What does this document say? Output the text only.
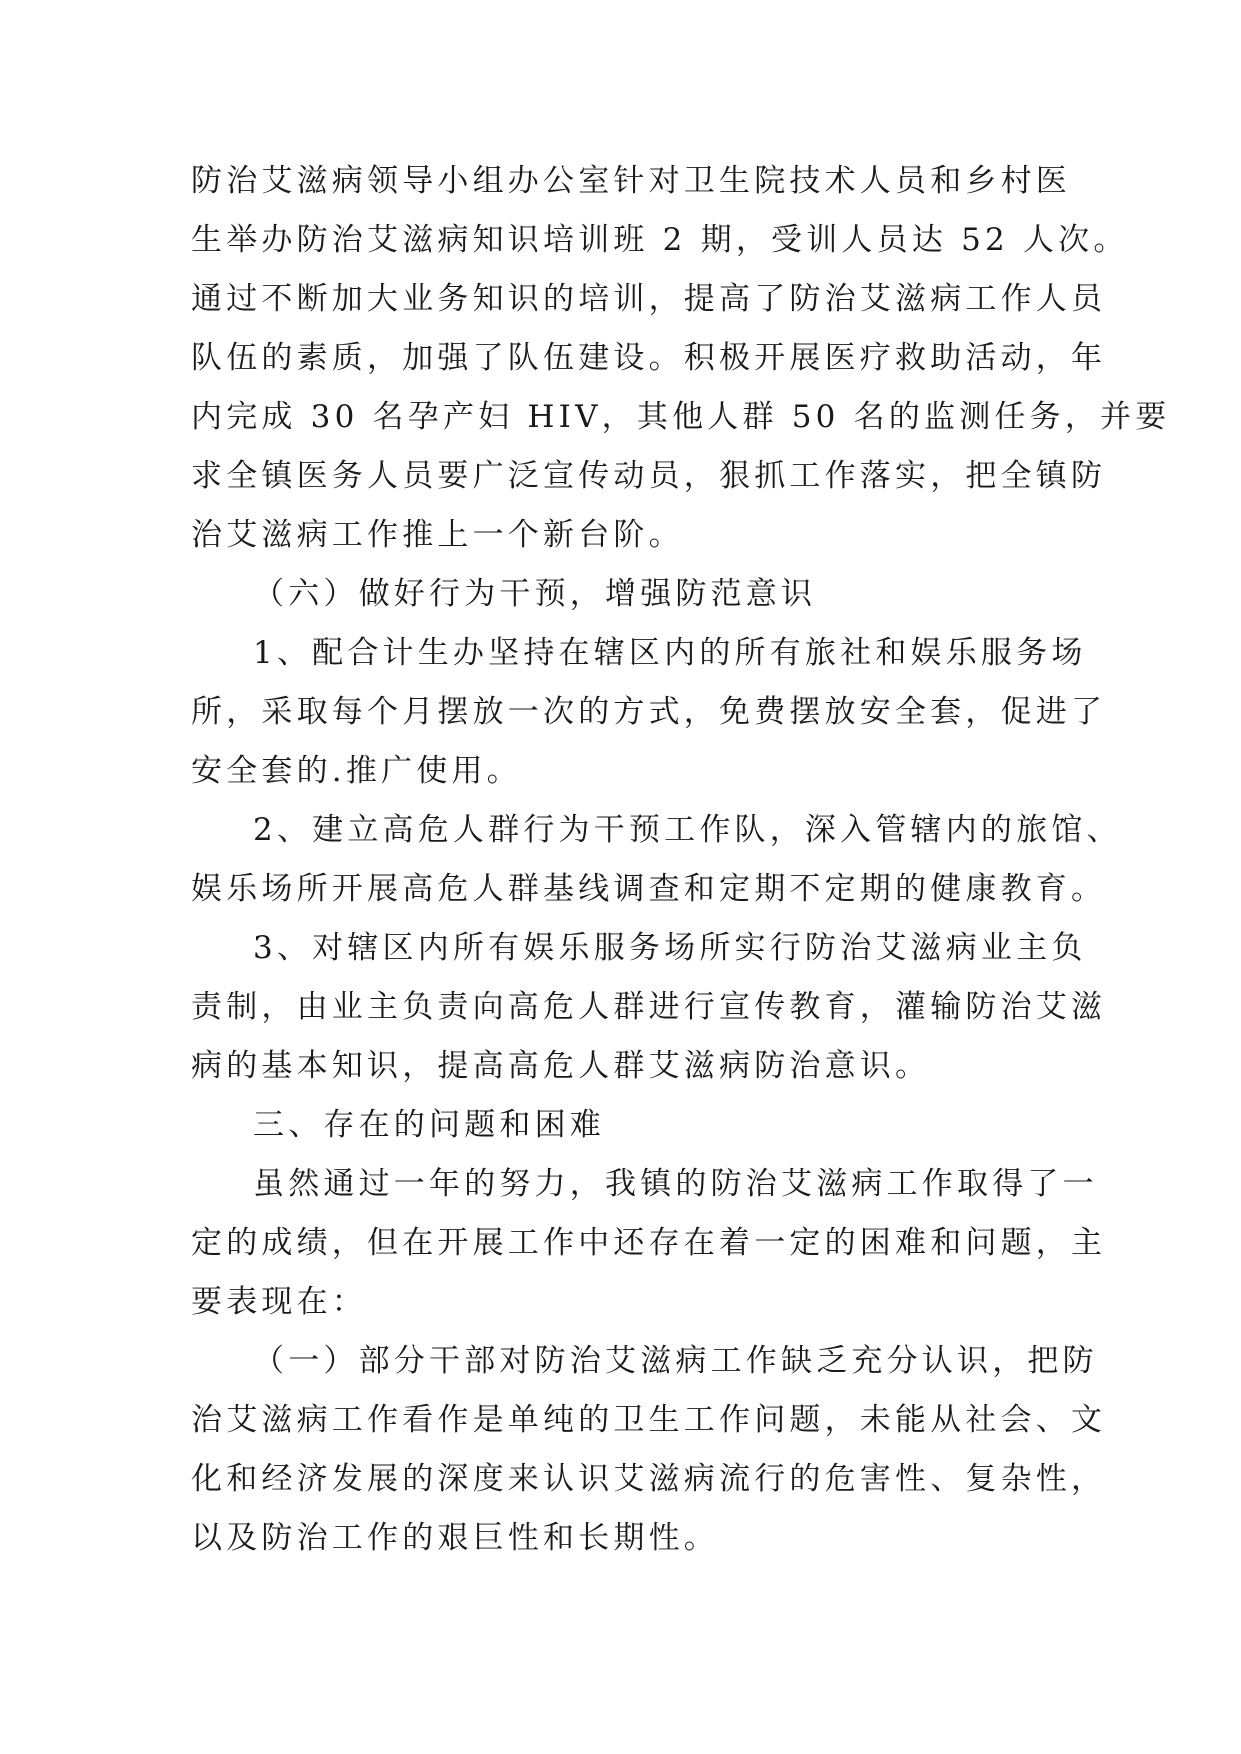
防治艾滋病领导小组办公室针对卫生院技术人员和乡村医
生举办防治艾滋病知识培训班 2 期，受训人员达 52 人次。
通过不断加大业务知识的培训，提高了防治艾滋病工作人员
队伍的素质，加强了队伍建设。积极开展医疗救助活动，年
内完成 30 名孕产妇 HIV，其他人群 50 名的监测任务，并要
求全镇医务人员要广泛宣传动员，狠抓工作落实，把全镇防
治艾滋病工作推上一个新台阶。
（六）做好行为干预，增强防范意识
1、配合计生办坚持在辖区内的所有旅社和娱乐服务场
所，采取每个月摆放一次的方式，免费摆放安全套，促进了
安全套的.推广使用。
2、建立高危人群行为干预工作队，深入管辖内的旅馆、
娱乐场所开展高危人群基线调查和定期不定期的健康教育。
3、对辖区内所有娱乐服务场所实行防治艾滋病业主负
责制，由业主负责向高危人群进行宣传教育，灌输防治艾滋
病的基本知识，提高高危人群艾滋病防治意识。
三、存在的问题和困难
虽然通过一年的努力，我镇的防治艾滋病工作取得了一
定的成绩，但在开展工作中还存在着一定的困难和问题，主
要表现在：
（一）部分干部对防治艾滋病工作缺乏充分认识，把防
治艾滋病工作看作是单纯的卫生工作问题，未能从社会、文
化和经济发展的深度来认识艾滋病流行的危害性、复杂性，
以及防治工作的艰巨性和长期性。
